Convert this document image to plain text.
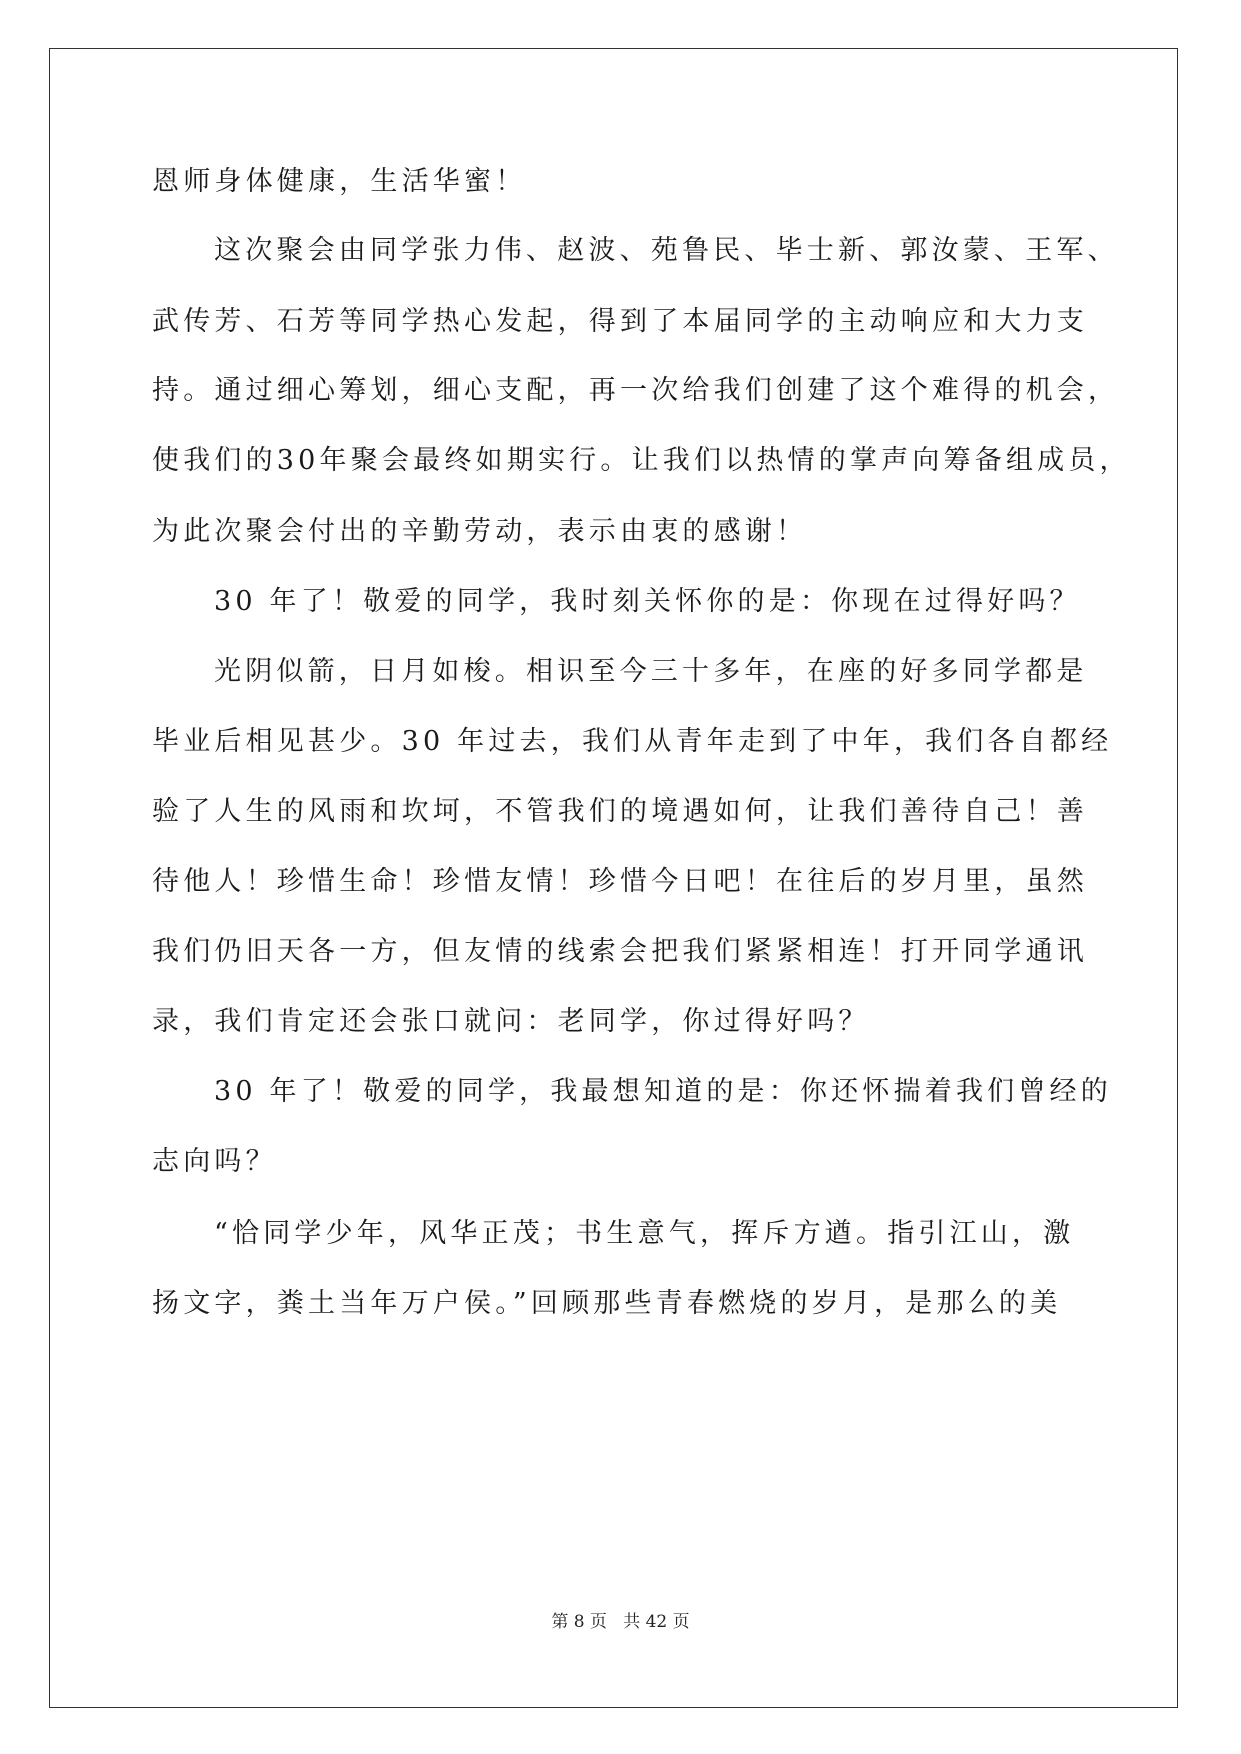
恩师身体健康，生活华蜜！
这次聚会由同学张力伟、赵波、苑鲁民、毕士新、郭汝蒙、王军、
武传芳、石芳等同学热心发起，得到了本届同学的主动响应和大力支
持。通过细心筹划，细心支配，再一次给我们创建了这个难得的机会，
使我们的30年聚会最终如期实行。让我们以热情的掌声向筹备组成员，
为此次聚会付出的辛勤劳动，表示由衷的感谢！
30 年了！敬爱的同学，我时刻关怀你的是：你现在过得好吗？
光阴似箭，日月如梭。相识至今三十多年，在座的好多同学都是
毕业后相见甚少。30 年过去，我们从青年走到了中年，我们各自都经
验了人生的风雨和坎坷，不管我们的境遇如何，让我们善待自己！善
待他人！珍惜生命！珍惜友情！珍惜今日吧！在往后的岁月里，虽然
我们仍旧天各一方，但友情的线索会把我们紧紧相连！打开同学通讯
录，我们肯定还会张口就问：老同学，你过得好吗？
30 年了！敬爱的同学，我最想知道的是：你还怀揣着我们曾经的
志向吗？
“恰同学少年，风华正茂；书生意气，挥斥方遒。指引江山，激
扬文字，粪土当年万户侯。”回顾那些青春燃烧的岁月，是那么的美
第 8 页 共 42 页
